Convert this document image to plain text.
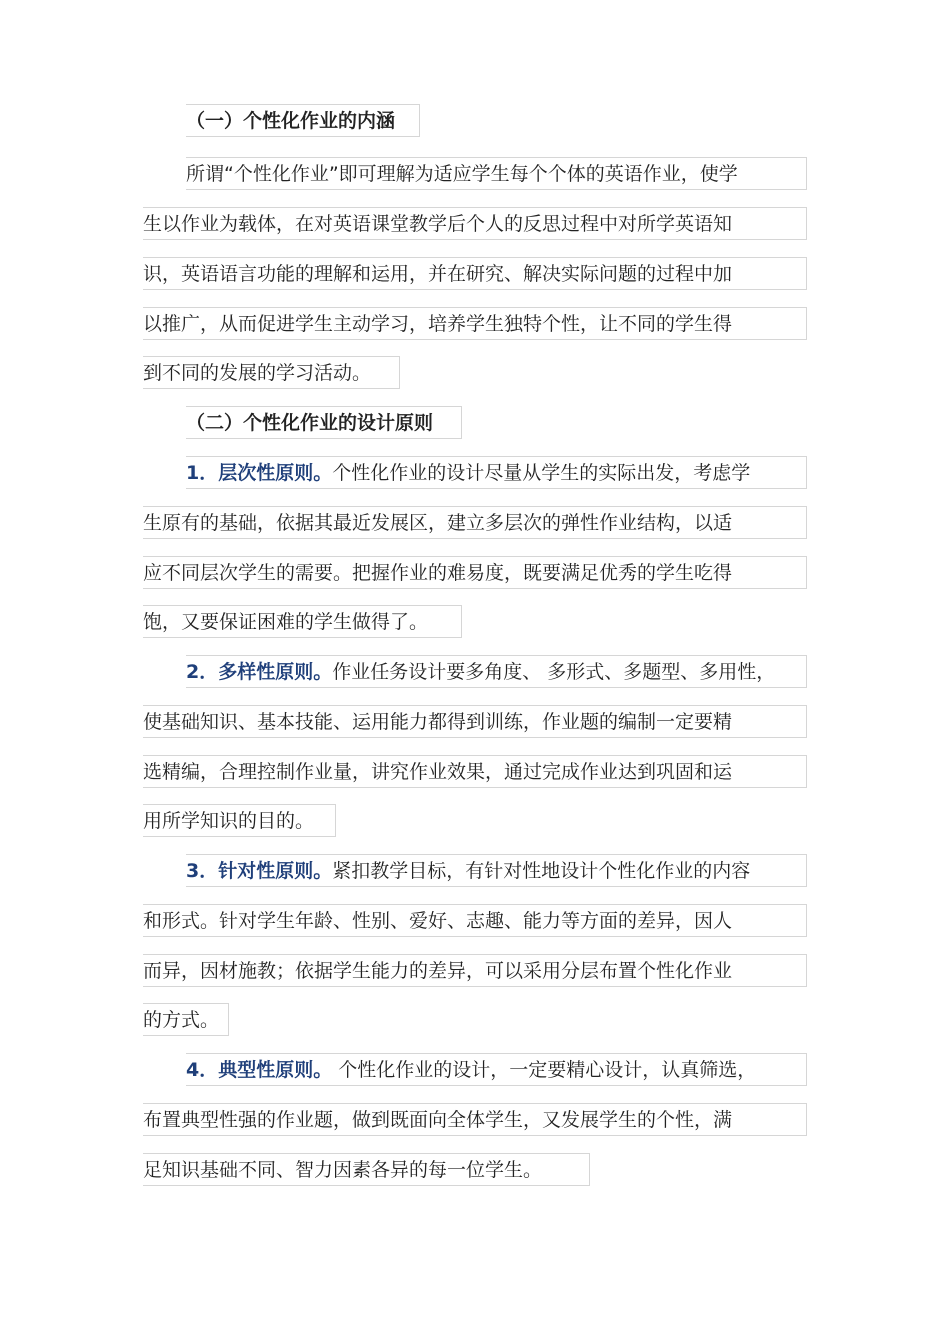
（一）个性化作业的内涵
所谓“个性化作业”即可理解为适应学生每个个体的英语作业，使学
生以作业为载体，在对英语课堂教学后个人的反思过程中对所学英语知
识，英语语言功能的理解和运用，并在研究、解决实际问题的过程中加
以推广，从而促进学生主动学习，培养学生独特个性，让不同的学生得
到不同的发展的学习活动。
（二）个性化作业的设计原则
1．层次性原则。个性化作业的设计尽量从学生的实际出发，考虑学
生原有的基础，依据其最近发展区，建立多层次的弹性作业结构，以适
应不同层次学生的需要。把握作业的难易度，既要满足优秀的学生吃得
饱，又要保证困难的学生做得了。
2．多样性原则。作业任务设计要多角度、 多形式、多题型、多用性，
使基础知识、基本技能、运用能力都得到训练，作业题的编制一定要精
选精编，合理控制作业量，讲究作业效果，通过完成作业达到巩固和运
用所学知识的目的。
3．针对性原则。紧扣教学目标，有针对性地设计个性化作业的内容
和形式。针对学生年龄、性别、爱好、志趣、能力等方面的差异，因人
而异，因材施教；依据学生能力的差异，可以采用分层布置个性化作业
的方式。
4．典型性原则。 个性化作业的设计，一定要精心设计，认真筛选，
布置典型性强的作业题，做到既面向全体学生，又发展学生的个性，满
足知识基础不同、智力因素各异的每一位学生。
